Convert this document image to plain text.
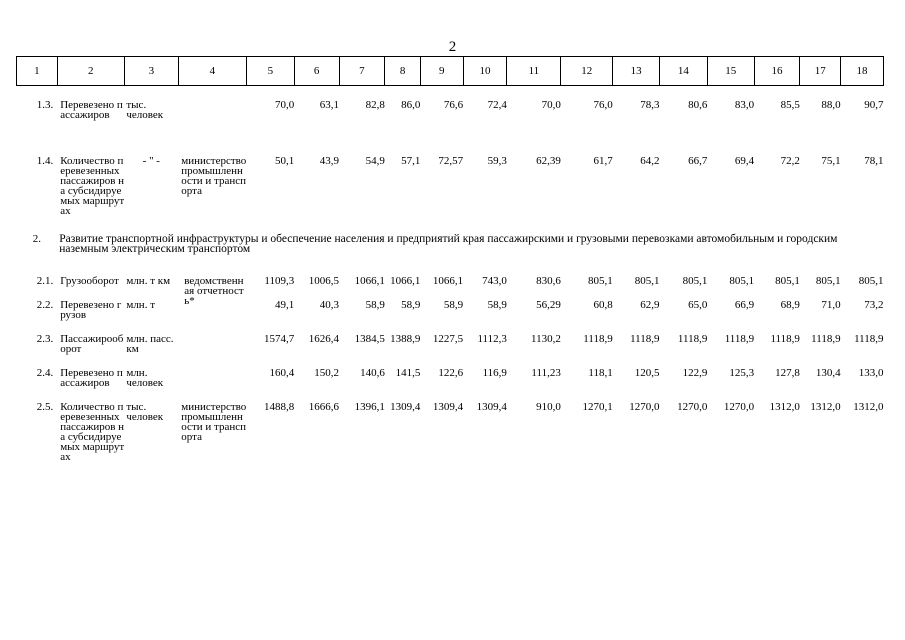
2
1	2	3	4	5	6	7	8	9	10	11	12	13	14	15	16	17	18

1.3.	Перевезено пассажиров	тыс. человек		70,0	63,1	82,8	86,0	76,6	72,4	70,0	76,0	78,3	80,6	83,0	85,5	88,0	90,7

1.4.	Количество перевезенных пассажиров на субсидируемых маршрутах	- " -	министерство промышленности и транспорта	50,1	43,9	54,9	57,1	72,57	59,3	62,39	61,7	64,2	66,7	69,4	72,2	75,1	78,1

2.	Развитие транспортной инфраструктуры и обеспечение населения и предприятий края пассажирскими и грузовыми перевозками автомобильным и городским наземным электрическим транспортом																

2.1.	Грузооборот	млн. т км	ведомственная отчетность*	1109,3	1006,5	1066,1	1066,1	1066,1	743,0	830,6	805,1	805,1	805,1	805,1	805,1	805,1	805,1

2.2.	Перевезено грузов	млн. т		49,1	40,3	58,9	58,9	58,9	58,9	56,29	60,8	62,9	65,0	66,9	68,9	71,0	73,2

2.3.	Пассажирооборот	млн. пасс. км		1574,7	1626,4	1384,5	1388,9	1227,5	1112,3	1130,2	1118,9	1118,9	1118,9	1118,9	1118,9	1118,9	1118,9

2.4.	Перевезено пассажиров	млн. человек		160,4	150,2	140,6	141,5	122,6	116,9	111,23	118,1	120,5	122,9	125,3	127,8	130,4	133,0

2.5.	Количество перевезенных пассажиров на субсидируемых маршрутах	тыс. человек	министерство промышленности и транспорта	1488,8	1666,6	1396,1	1309,4	1309,4	1309,4	910,0	1270,1	1270,0	1270,0	1270,0	1312,0	1312,0	1312,0
